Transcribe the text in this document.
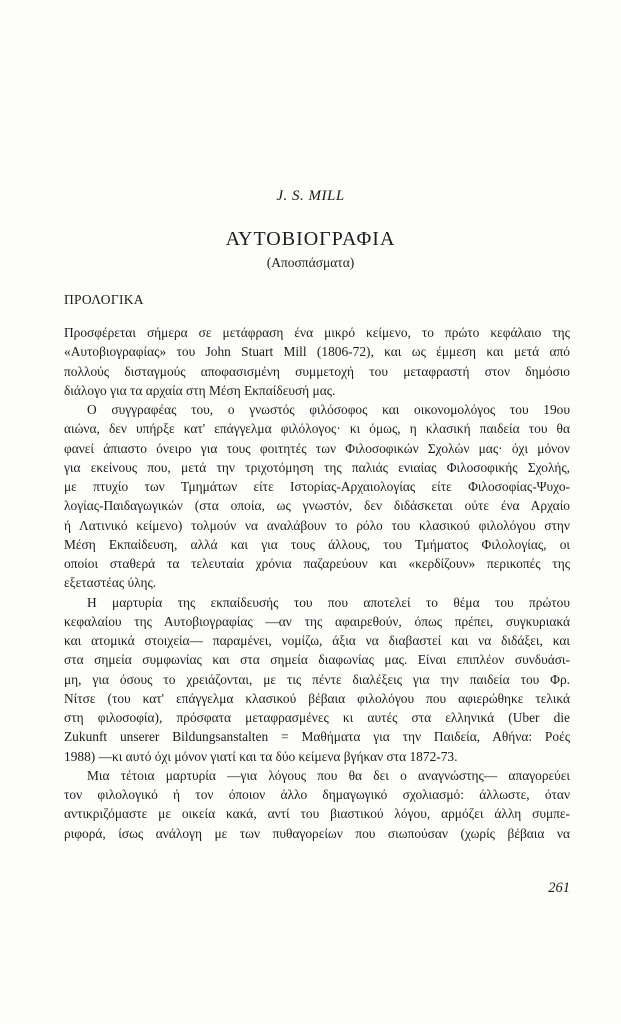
J. S. MILL
ΑΥΤΟΒΙΟΓΡΑΦΙΑ
(Αποσπάσματα)
ΠΡΟΛΟΓΙΚΑ
Προσφέρεται σήμερα σε μετάφραση ένα μικρό κείμενο, το πρώτο κεφάλαιο της
«Αυτοβιογραφίας» του John Stuart Mill (1806-72), και ως έμμεση και μετά από
πολλούς δισταγμούς αποφασισμένη συμμετοχή του μεταφραστή στον δημόσιο
διάλογο για τα αρχαία στη Μέση Εκπαίδευσή μας.
Ο συγγραφέας του, ο γνωστός φιλόσοφος και οικονομολόγος του 19ου
αιώνα, δεν υπήρξε κατ' επάγγελμα φιλόλογος· κι όμως, η κλασική παιδεία του θα
φανεί άπιαστο όνειρο για τους φοιτητές των Φιλοσοφικών Σχολών μας· όχι μόνον
για εκείνους που, μετά την τριχοτόμηση της παλιάς ενιαίας Φιλοσοφικής Σχολής,
με πτυχίο των Τμημάτων είτε Ιστορίας-Αρχαιολογίας είτε Φιλοσοφίας-Ψυχο-
λογίας-Παιδαγωγικών (στα οποία, ως γνωστόν, δεν διδάσκεται ούτε ένα Αρχαίο
ή Λατινικό κείμενο) τολμούν να αναλάβουν το ρόλο του κλασικού φιλολόγου στην
Μέση Εκπαίδευση, αλλά και για τους άλλους, του Τμήματος Φιλολογίας, οι
οποίοι σταθερά τα τελευταία χρόνια παζαρεύουν και «κερδίζουν» περικοπές της
εξεταστέας ύλης.
Η μαρτυρία της εκπαίδευσής του που αποτελεί το θέμα του πρώτου
κεφαλαίου της Αυτοβιογραφίας —αν της αφαιρεθούν, όπως πρέπει, συγκυριακά
και ατομικά στοιχεία— παραμένει, νομίζω, άξια να διαβαστεί και να διδάξει, και
στα σημεία συμφωνίας και στα σημεία διαφωνίας μας. Είναι επιπλέον συνδυάσι-
μη, για όσους το χρειάζονται, με τις πέντε διαλέξεις για την παιδεία του Φρ.
Νίτσε (του κατ' επάγγελμα κλασικού βέβαια φιλολόγου που αφιερώθηκε τελικά
στη φιλοσοφία), πρόσφατα μεταφρασμένες κι αυτές στα ελληνικά (Uber die
Zukunft unserer Bildungsanstalten = Μαθήματα για την Παιδεία, Αθήνα: Ροές
1988) —κι αυτό όχι μόνον γιατί και τα δύο κείμενα βγήκαν στα 1872-73.
Μια τέτοια μαρτυρία —για λόγους που θα δει ο αναγνώστης— απαγορεύει
τον φιλολογικό ή τον όποιον άλλο δημαγωγικό σχολιασμό: άλλωστε, όταν
αντικριζόμαστε με οικεία κακά, αντί του βιαστικού λόγου, αρμόζει άλλη συμπε-
ριφορά, ίσως ανάλογη με των πυθαγορείων που σιωπούσαν (χωρίς βέβαια να
261
